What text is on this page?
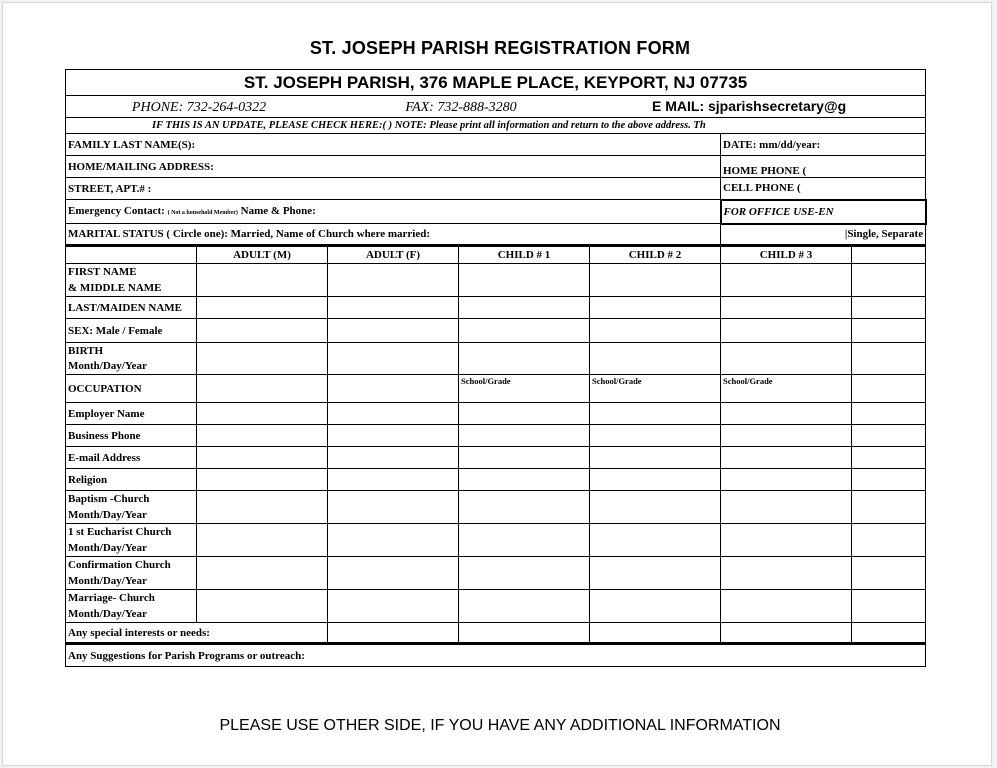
ST. JOSEPH PARISH REGISTRATION FORM
ST. JOSEPH PARISH, 376 MAPLE PLACE, KEYPORT, NJ 07735						
PHONE: 732-264-0322 FAX: 732-888-3280 E MAIL: sjparishsecretary@g						
IF THIS IS AN UPDATE, PLEASE CHECK HERE:( ) NOTE: Please print all information and return to the above address. Th						
FAMILY LAST NAME(S):					DATE: mm/dd/year:	
HOME/MAILING ADDRESS:					HOME PHONE (	
STREET, APT.# :					CELL PHONE (	
Emergency Contact: ( Not a household Member) Name & Phone:					FOR OFFICE USE-EN	
MARITAL STATUS ( Circle one): Married, Name of Church where married:					|Single, Separate	
	ADULT (M)	ADULT (F)	CHILD # 1	CHILD # 2	CHILD # 3	
FIRST NAME
& MIDDLE NAME						
LAST/MAIDEN NAME						
SEX: Male / Female						
BIRTH
Month/Day/Year						
OCCUPATION			School/Grade	School/Grade	School/Grade	
Employer Name						
Business Phone						
E-mail Address						
Religion						
Baptism -Church
Month/Day/Year						
1 st Eucharist Church
Month/Day/Year						
Confirmation Church
Month/Day/Year						
Marriage- Church
Month/Day/Year						
Any special interests or needs:						
Any Suggestions for Parish Programs or outreach:						
PLEASE USE OTHER SIDE, IF YOU HAVE ANY ADDITIONAL INFORMATION
